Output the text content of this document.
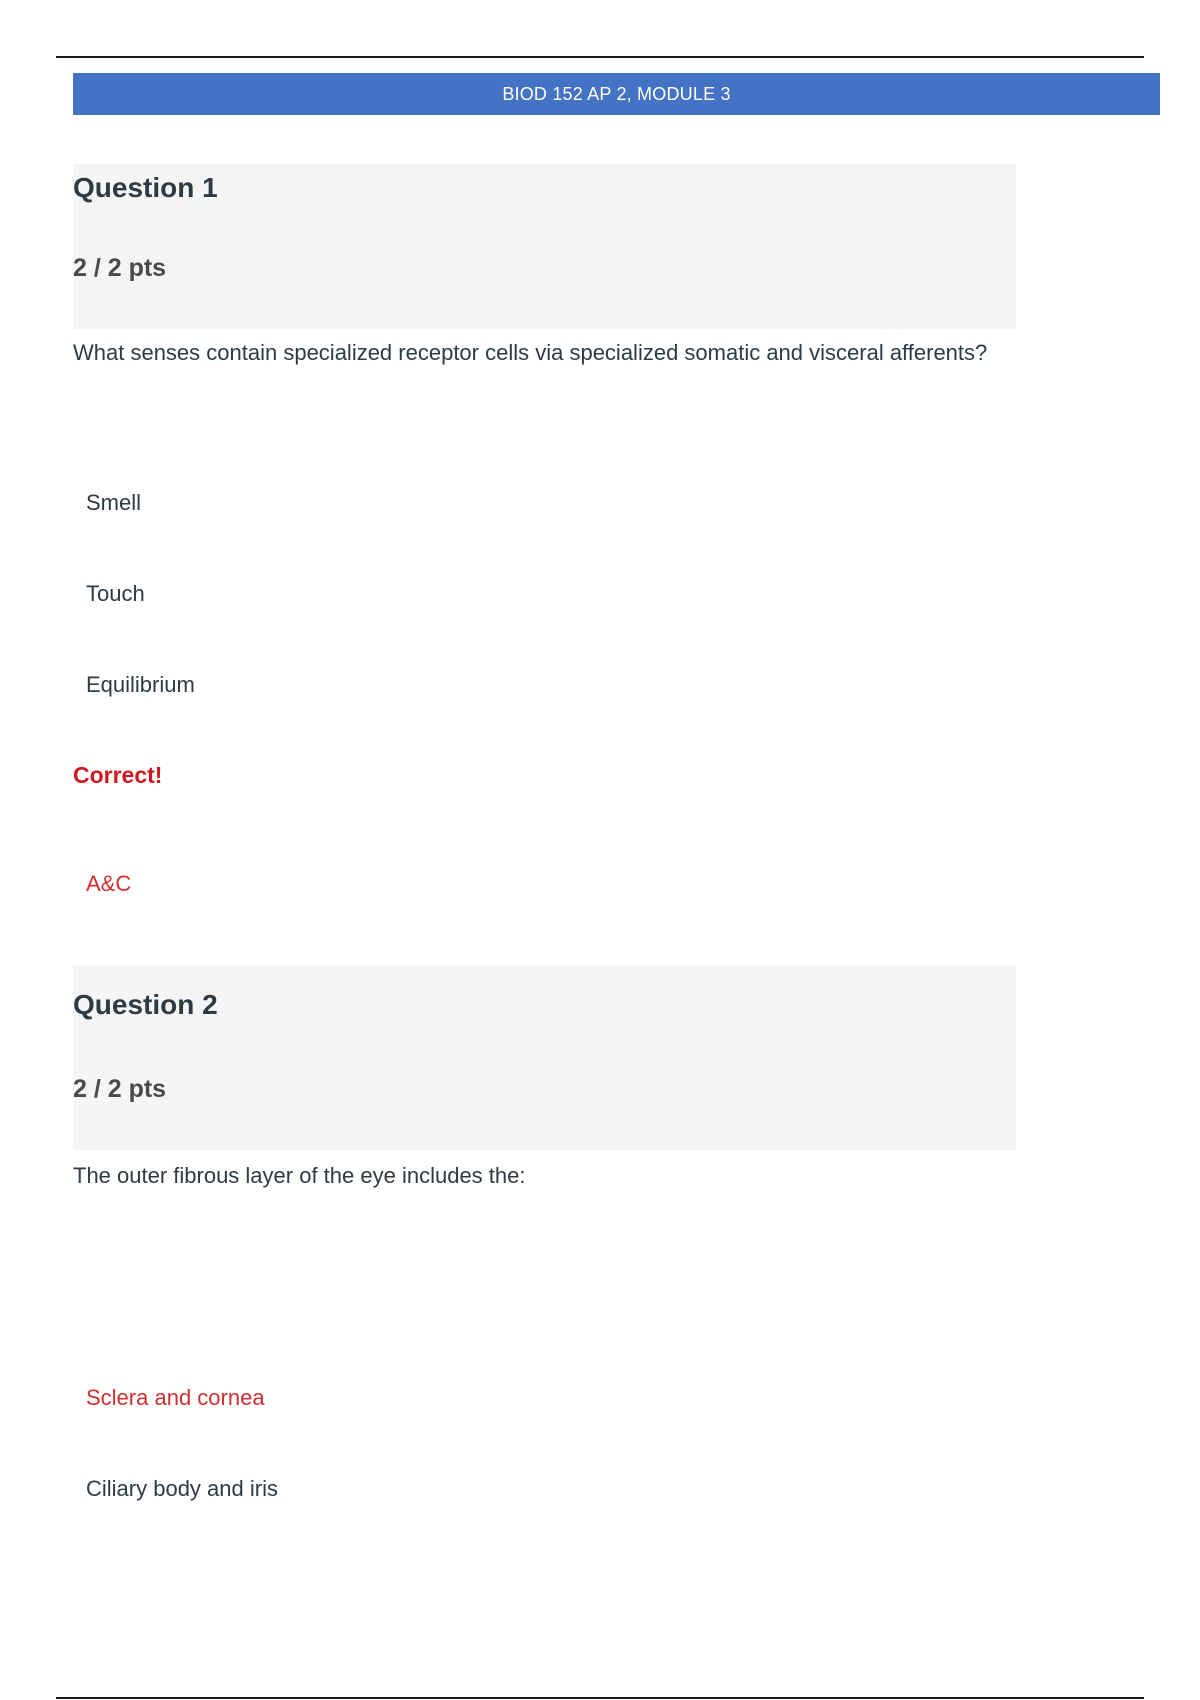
BIOD 152 AP 2, MODULE 3
Question 1
2 / 2 pts
What senses contain specialized receptor cells via specialized somatic and visceral afferents?
Smell
Touch
Equilibrium
Correct!
A&C
Question 2
2 / 2 pts
The outer fibrous layer of the eye includes the:
Sclera and cornea
Ciliary body and iris
